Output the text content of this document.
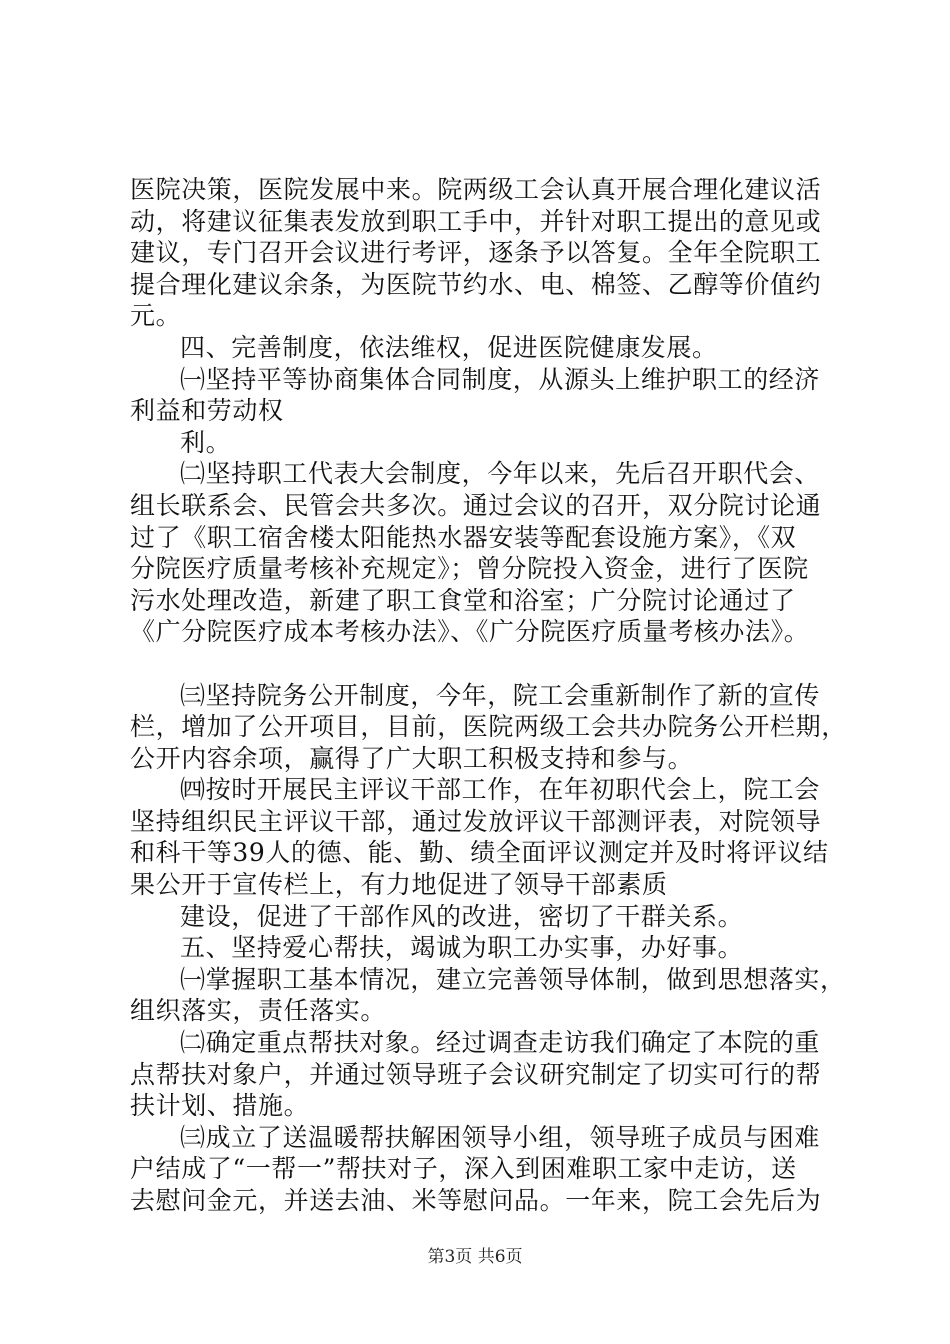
医院决策，医院发展中来。院两级工会认真开展合理化建议活
动，将建议征集表发放到职工手中，并针对职工提出的意见或
建议，专门召开会议进行考评，逐条予以答复。全年全院职工
提合理化建议余条，为医院节约水、电、棉签、乙醇等价值约
元。
四、完善制度，依法维权，促进医院健康发展。
㈠坚持平等协商集体合同制度，从源头上维护职工的经济
利益和劳动权
利。
㈡坚持职工代表大会制度，今年以来，先后召开职代会、
组长联系会、民管会共多次。通过会议的召开，双分院讨论通
过了《职工宿舍楼太阳能热水器安装等配套设施方案》，《双
分院医疗质量考核补充规定》；曾分院投入资金，进行了医院
污水处理改造，新建了职工食堂和浴室；广分院讨论通过了
《广分院医疗成本考核办法》、《广分院医疗质量考核办法》。
㈢坚持院务公开制度，今年，院工会重新制作了新的宣传
栏，增加了公开项目，目前，医院两级工会共办院务公开栏期，
公开内容余项，赢得了广大职工积极支持和参与。
㈣按时开展民主评议干部工作，在年初职代会上，院工会
坚持组织民主评议干部，通过发放评议干部测评表，对院领导
和科干等39人的德、能、勤、绩全面评议测定并及时将评议结
果公开于宣传栏上，有力地促进了领导干部素质
建设，促进了干部作风的改进，密切了干群关系。
五、坚持爱心帮扶，竭诚为职工办实事，办好事。
㈠掌握职工基本情况，建立完善领导体制，做到思想落实，
组织落实，责任落实。
㈡确定重点帮扶对象。经过调查走访我们确定了本院的重
点帮扶对象户，并通过领导班子会议研究制定了切实可行的帮
扶计划、措施。
㈢成立了送温暖帮扶解困领导小组，领导班子成员与困难
户结成了“一帮一”帮扶对子，深入到困难职工家中走访，送
去慰问金元，并送去油、米等慰问品。一年来，院工会先后为
第3页 共6页
